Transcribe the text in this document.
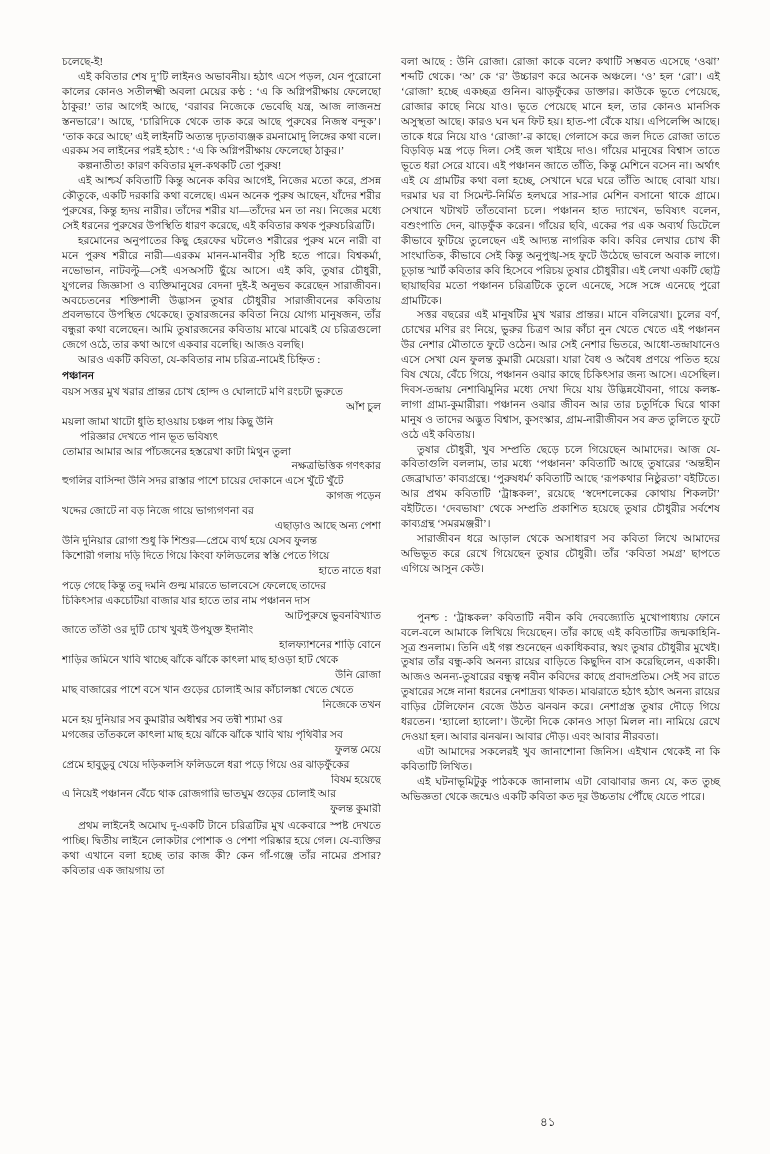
চলেছে-ই!

এই কবিতার শেষ দু’টি লাইনও অভাবনীয়। হঠাৎ এসে পড়ল, যেন পুরোনো কালের কোনও সতীলক্ষ্মী অবলা মেয়ের কণ্ঠ : ‘এ কি অগ্নিপরীক্ষায় ফেলেছো ঠাকুর!’ তার আগেই আছে, ‘বরাবর নিজেকে ভেবেছি যন্ত্র, আজ লাজনম্র স্তনভারে’। আছে, ‘চারিদিকে থেকে তাক করে আছে পুরুষের নিজস্ব বন্দুক’। ‘তাক করে আছে’ এই লাইনটি অত্যন্ত দৃঢ়তাব্যঞ্জক রমনামোদু লিঙ্গের কথা বলে। এরকম সব লাইনের পরই হঠাৎ : ‘এ কি অগ্নিপরীক্ষায় ফেলেছো ঠাকুর।’

কল্পনাতীত! কারণ কবিতার মূল-কথকটি তো পুরুষ!

এই আশ্চর্য কবিতাটি কিন্তু অনেক কবির আগেই, নিজের মতো করে, প্রসন্ন কৌতুকে, একটি দরকারি কথা বলেছে। এমন অনেক পুরুষ আছেন, যাঁদের শরীর পুরুষের, কিন্তু হৃদয় নারীর। তাঁদের শরীর যা—তাঁদের মন তা নয়। নিজের মধ্যে সেই ধরনের পুরুষের উপস্থিতি ধারণ করেছে, এই কবিতার কথক পুরুষচরিত্রটি।

হরমোনের অনুপাতের কিছু হেরফের ঘটলেও শরীরের পুরুষ মনে নারী বা মনে পুরুষ শরীরে নারী—এরকম মানন-মানবীর সৃষ্টি হতে পারে। বিশ্বকর্মা, নভোভান, নাটবল্টু—সেই এসঅসটি ছুঁয়ে আসে। এই কবি, তুষার চৌধুরী, যুগলের জিজ্ঞাসা ও ব্যক্তিমানুষের বেদনা দুই-ই অনুভব করেছেন সারাজীবন। অবচেতনের শক্তিশালী উদ্ভাসন তুষার চৌধুরীর সারাজীবনের কবিতায় প্রবলভাবে উপস্থিত থেকেছে। তুষারজনের কবিতা নিয়ে যোগ্য মানুষজন, তাঁর বন্ধুরা কথা বলেছেন। আমি তুষারজনের কবিতায় মাঝে মাঝেই যে চরিত্রগুলো জেগে ওঠে, তার কথা আগে একবার বলেছি। আজও বলছি।

আরও একটি কবিতা, যে-কবিতার নাম চরিত্র-নামেই চিহ্নিত :

পঞ্চানন

বয়স সত্তর মুখ খরার প্রান্তর চোখ হোল্দ ও ঘোলাটে মণি রংচটা ভুরুতে
আঁশ চুল
ময়লা জামা খাটো ধুতি হাওয়ায় চঞ্চল পায় কিছু উনি
পরিজ্ঞার দেখতে পান ভূত ভবিষ্যৎ
তোমার আমার আর পাঁচজনের হস্তরেখা কাটা মিথুন তুলা
নক্ষত্রভিত্তিক গণৎকার
হুগলির বাসিন্দা উনি সদর রাস্তার পাশে চায়ের দোকানে এসে খুঁটে খুঁটে
কাগজ পড়েন
খদ্দের জোটে না বড় নিজে গায়ে ভাগ্যগণনা বর
এছাড়াও আছে অন্য পেশা
উনি দুনিয়ার রোগা শুধু কি শিশুর—প্রেমে ব্যর্থ হয়ে যেসব ফুলন্ত
কিশোরী গলায় দড়ি দিতে গিয়ে কিংবা ফলিডলের স্বস্তি পেতে গিয়ে
হাতে নাতে ধরা
পড়ে গেছে কিন্তু তবু দমনি গুল্ম মারতে ভালবেসে ফেলেছে তাদের
চিকিৎসার একচেটিয়া বাজার যার হাতে তার নাম পঞ্চানন দাস
আটপুরুষে ভুবনবিখ্যাত
জাতে তাঁতী ওর দুটি চোখ খুবই উপযুক্ত ইদানীং
হালফ্যাশনের শাড়ি বোনে
শাড়ির জমিনে খাবি খাচ্ছে ঝাঁকে ঝাঁকে কাৎলা মাছ হাওড়া হাট থেকে
উনি রোজা
মাছ বাজারের পাশে বসে খান গুড়ের চোলাই আর কাঁচালঙ্কা খেতে খেতে
নিজেকে তখন
মনে হয় দুনিয়ার সব কুমারীর অধীশ্বর সব তন্বী শ্যামা ওর
মগজের তাঁতকলে কাৎলা মাছ হয়ে ঝাঁকে ঝাঁকে খাবি খায় পৃথিবীর সব
ফুলন্ত মেয়ে
প্রেমে হাবুডুবু খেয়ে দড়িকলসি ফলিডলে ধরা পড়ে গিয়ে ওর ঝাড়ফুঁকের
বিষম হয়েছে
এ নিয়েই পঞ্চানন বেঁচে থাক রোজগারি ভাতঘুম গুড়ের চোলাই আর
ফুলন্ত কুমারী

প্রথম লাইনেই অমোঘ দু-একটি টানে চরিত্রটির মুখ একেবারে স্পষ্ট দেখতে পাচ্ছি। দ্বিতীয় লাইনে লোকটার পোশাক ও পেশা পরিষ্কার হয়ে গেল। যে-ব্যক্তির কথা এখানে বলা হচ্ছে তার কাজ কী? কেন গাঁ-গঞ্জে তাঁর নামের প্রসার? কবিতার এক জায়গায় তা

বলা আছে : উনি রোজা। রোজা কাকে বলে? কথাটি সম্ভবত এসেছে ‘ওঝা’ শব্দটি থেকে। ‘অ’ কে ‘র’ উচ্চারণ করে অনেক অঞ্চলে। ‘ও’ হল ‘রো’। এই ‘রোজা’ হচ্ছে একচ্ছত্র গুনিন। ঝাড়ফুঁকের ডাক্তার। কাউকে ভূতে পেয়েছে, রোজার কাছে নিয়ে যাও। ভূতে পেয়েছে মানে হল, তার কোনও মানসিক অসুস্থতা আছে। কারও ঘন ঘন ফিট হয়। হাত-পা বেঁকে যায়। এপিলেপ্সি আছে। তাকে ধরে নিয়ে যাও ‘রোজা’-র কাছে। গেলাসে করে জল দিতে রোজা তাতে বিড়বিড় মন্ত্র পড়ে দিল। সেই জল খাইয়ে দাও। গাঁয়ের মানুষের বিশ্বাস তাতে ভূতে ধরা সেরে যাবে। এই পঞ্চানন জাতে তাঁতি, কিন্তু মেশিনে বসেন না। অর্থাৎ এই যে গ্রামটির কথা বলা হচ্ছে, সেখানে ঘরে ঘরে তাঁতি আছে বোঝা যায়। দরমার ঘর বা সিমেন্ট-নির্মিত হলঘরে সার-সার মেশিন বসানো থাকে গ্রামে। সেখানে খটাখট তাঁতবোনা চলে। পঞ্চানন হাত দ্যাখেন, ভবিষ্যৎ বলেন, বশুংপাতি দেন, ঝাড়ফুঁক করেন। গাঁয়ের ছবি, একের পর এক অব্যর্থ ডিটেলে কীভাবে ফুটিয়ে তুলেছেন এই আদ্যন্ত নাগরিক কবি। কবির লেখার চোখ কী সাংঘাতিক, কীভাবে সেই কিন্তু অনুপুঙ্খ-সহ ফুটে উঠেছে ভাবলে অবাক লাগে। চূড়ান্ত স্মার্ট কবিতার কবি হিসেবে পরিচয় তুষার চৌধুরীর। এই লেখা একটি ছোট্ট ছায়াছবির মতো পঞ্চানন চরিত্রটিকে তুলে এনেছে, সঙ্গে সঙ্গে এনেছে পুরো গ্রামটিকে।

সত্তর বছরের এই মানুষটির মুখ খরার প্রান্তর। মানে বলিরেখা। চুলের বর্ণ, চোখের মণির রং নিয়ে, ভুরুর চিত্রণ আর কাঁচা নুন খেতে খেতে এই পঞ্চানন উর নেশার মৌতাতে ফুটে ওঠেন। আর সেই নেশার ভিতরে, আধো-তন্দ্রাযানেও এসে সেখা যেন ফুলন্ত কুমারী মেয়েরা। যারা বৈধ ও অবৈধ প্রণয়ে পতিত হয়ে বিষ খেয়ে, বেঁচে গিয়ে, পঞ্চানন ওঝার কাছে চিকিৎসার জন্য আসে। এসেছিল। দিবস-তন্দ্রায় নেশাঝিমুনির মধ্যে দেখা দিয়ে যায় উদ্ভিন্নযৌবনা, গায়ে কলঙ্ক-লাগা গ্রাম্য-কুমারীরা। পঞ্চানন ওঝার জীবন আর তার চতুর্দিকে ঘিরে থাকা মানুষ ও তাদের অদ্ভুত বিশ্বাস, কুসংস্কার, গ্রাম-নারীজীবন সব ক্রত তুলিতে ফুটে ওঠে এই কবিতায়।

তুষার চৌধুরী, খুব সম্প্রতি ছেড়ে চলে গিয়েছেন আমাদের। আজ যে-কবিতাগুলি বললাম, তার মধ্যে ‘পঞ্চানন’ কবিতাটি আছে তুষারের ‘অন্তহীন জেব্রাঘাত’ কাব্যগ্রন্থে। ‘পুরুষধর্ম’ কবিতাটি আছে ‘রূপকথার নিষ্ঠুরতা’ বইটিতে। আর প্রথম কবিতাটি ‘ট্রাঙ্ককল’, রয়েছে ‘স্বদেশলেকের কোথায় শিকলটা’ বইটিতে। ‘দেবভাষা’ থেকে সম্প্রতি প্রকাশিত হয়েছে তুষার চৌধুরীর সর্বশেষ কাব্যগ্রন্থ ‘সমরমঞ্জরী’।

সারাজীবন ধরে আড়াল থেকে অসাধারণ সব কবিতা লিখে আমাদের অভিভূত করে রেখে গিয়েছেন তুষার চৌধুরী। তাঁর ‘কবিতা সমগ্র’ ছাপতে এগিয়ে আসুন কেউ।

পুনশ্চ : ‘ট্রাঙ্ককল’ কবিতাটি নবীন কবি দেবজ্যোতি মুখোপাধ্যায় ফোনে বলে-বলে আমাকে লিখিয়ে দিয়েছেন। তাঁর কাছে এই কবিতাটির জন্মকাহিনি-সূত্র শুনলাম। তিনি এই গল্প শুনেছেন একাধিকবার, স্বয়ং তুষার চৌধুরীর মুখেই। তুষার তাঁর বন্ধু-কবি অনন্য রায়ের বাড়িতে কিছুদিন বাস করেছিলেন, একাকী। আজও অনন্য-তুষারের বন্ধুত্ব নবীন কবিদের কাছে প্রবাদপ্রতিম। সেই সব রাতে তুষারের সঙ্গে নানা ধরনের নেশাদ্রব্য থাকত। মাঝরাতে হঠাৎ হঠাৎ অনন্য রায়ের বাড়ির টেলিফোন বেজে উঠত ঝনঝন করে। নেশাগ্রস্ত তুষার দৌড়ে গিয়ে ধরতেন। ‘হ্যালো হ্যালো’। উল্টো দিকে কোনও সাড়া মিলল না। নামিয়ে রেখে দেওয়া হল। আবার ঝনঝন। আবার দৌড়। এবং আবার নীরবতা।

এটা আমাদের সকলেরই খুব জানাশোনা জিনিস। এইখান থেকেই না কি কবিতাটি লিখিত।

এই ঘটনাভূমিটুকু পাঠককে জানালাম এটা বোঝাবার জন্য যে, কত তুচ্ছ অভিজ্ঞতা থেকে জন্মেও একটি কবিতা কত দূর উচ্চতায় পৌঁছে যেতে পারে।

৪১
